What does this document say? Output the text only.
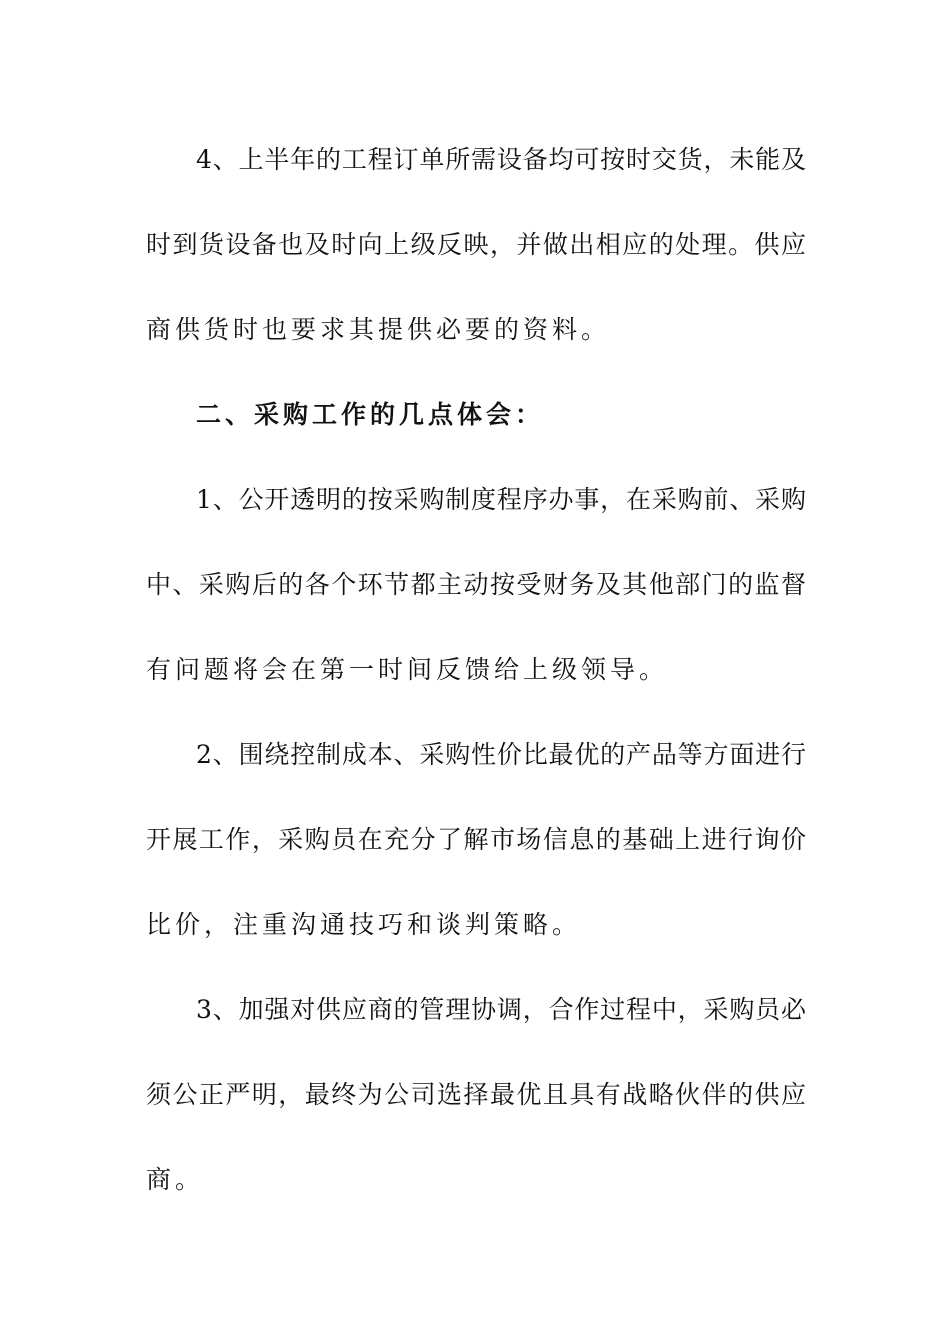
4、上半年的工程订单所需设备均可按时交货，未能及
时到货设备也及时向上级反映，并做出相应的处理。供应
商供货时也要求其提供必要的资料。
二、采购工作的几点体会：
1、公开透明的按采购制度程序办事，在采购前、采购
中、采购后的各个环节都主动按受财务及其他部门的监督
有问题将会在第一时间反馈给上级领导。
2、围绕控制成本、采购性价比最优的产品等方面进行
开展工作，采购员在充分了解市场信息的基础上进行询价
比价，注重沟通技巧和谈判策略。
3、加强对供应商的管理协调，合作过程中，采购员必
须公正严明，最终为公司选择最优且具有战略伙伴的供应
商。
